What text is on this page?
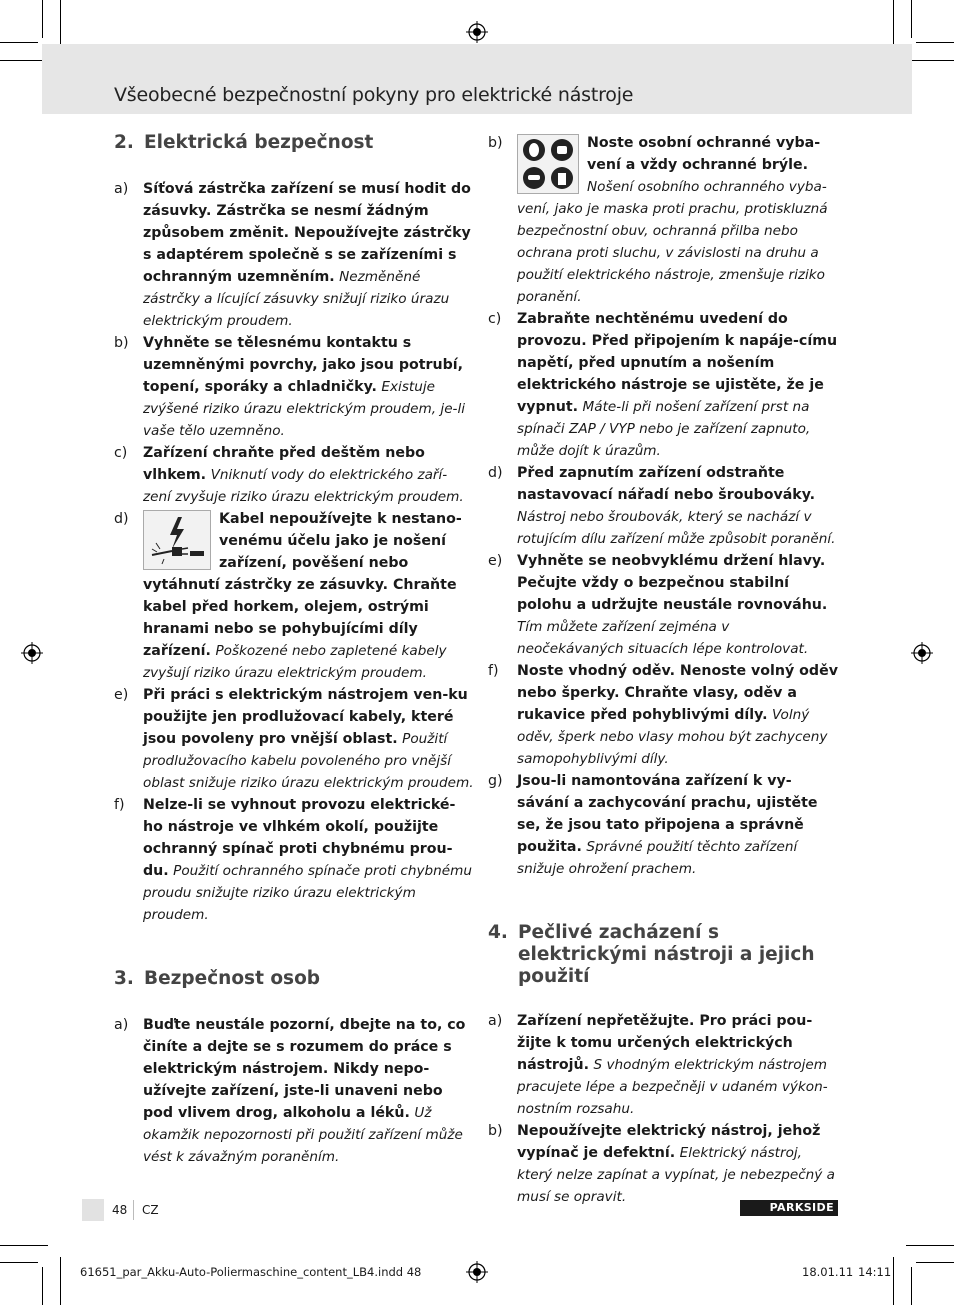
Všeobecné bezpečnostní pokyny pro elektrické nástroje
2. Elektrická bezpečnost
a)	Síťová zástrčka zařízení se musí hodit do zásuvky. Zástrčka se nesmí žádným způsobem změnit. Nepoužívejte zástrčky s adaptérem společně s se zařízeními s ochranným uzemněním. Nezměněné zástrčky a lícující zásuvky snižují riziko úrazu elektrickým proudem.
b)	Vyhněte se tělesnému kontaktu s uzemněnými povrchy, jako jsou potrubí, topení, sporáky a chladničky. Existuje zvýšené riziko úrazu elektrickým proudem, je-li vaše tělo uzemněno.
c)	Zařízení chraňte před deštěm nebo vlhkem. Vniknutí vody do elektrického zaří-zení zvyšuje riziko úrazu elektrickým proudem.
d)	Kabel nepoužívejte k nestano-venému účelu jako je nošení zařízení, pověšení nebo vytáhnutí zástrčky ze zásuvky. Chraňte kabel před horkem, olejem, ostrými hranami nebo se pohybujícími díly zařízení. Poškozené nebo zapletené kabely zvyšují riziko úrazu elektrickým proudem.
e)	Při práci s elektrickým nástrojem ven-ku použijte jen prodlužovací kabely, které jsou povoleny pro vnější oblast. Použití prodlužovacího kabelu povoleného pro vnější oblast snižuje riziko úrazu elektrickým proudem.
f)	Nelze-li se vyhnout provozu elektrické-ho nástroje ve vlhkém okolí, použijte ochranný spínač proti chybnému prou-du. Použití ochranného spínače proti chybnému proudu snižujte riziko úrazu elektrickým proudem.
3. Bezpečnost osob
a)	Buďte neustále pozorní, dbejte na to, co činíte a dejte se s rozumem do práce s elektrickým nástrojem. Nikdy nepo-užívejte zařízení, jste-li unaveni nebo pod vlivem drog, alkoholu a léků. Už okamžik nepozornosti při použití zařízení může vést k závažným poraněním.
b)	Noste osobní ochranné vyba-vení a vždy ochranné brýle. Nošení osobního ochranného vyba-vení, jako je maska proti prachu, protiskluzná bezpečnostní obuv, ochranná přilba nebo ochrana proti sluchu, v závislosti na druhu a použití elektrického nástroje, zmenšuje riziko poranění.
c)	Zabraňte nechtěnému uvedení do provozu. Před připojením k napáje-címu napětí, před upnutím a nošením elektrického nástroje se ujistěte, že je vypnut. Máte-li při nošení zařízení prst na spínači ZAP / VYP nebo je zařízení zapnuto, může dojít k úrazům.
d)	Před zapnutím zařízení odstraňte nastavovací nářadí nebo šroubováky. Nástroj nebo šroubovák, který se nachází v rotujícím dílu zařízení může způsobit poranění.
e)	Vyhněte se neobvyklému držení hlavy. Pečujte vždy o bezpečnou stabilní polohu a udržujte neustále rovnováhu. Tím můžete zařízení zejména v neočekávaných situacích lépe kontrolovat.
f)	Noste vhodný oděv. Nenoste volný oděv nebo šperky. Chraňte vlasy, oděv a rukavice před pohyblivými díly. Volný oděv, šperk nebo vlasy mohou být zachyceny samopohyblivými díly.
g)	Jsou-li namontována zařízení k vy-sávání a zachycování prachu, ujistěte se, že jsou tato připojena a správně použita. Správné použití těchto zařízení snižuje ohrožení prachem.
4. Pečlivé zacházení s elektrickými nástroji a jejich použití
a)	Zařízení nepřetěžujte. Pro práci pou-žijte k tomu určených elektrických nástrojů. S vhodným elektrickým nástrojem pracujete lépe a bezpečněji v udaném výkon-nostním rozsahu.
b)	Nepoužívejte elektrický nástroj, jehož vypínač je defektní. Elektrický nástroj, který nelze zapínat a vypínat, je nebezpečný a musí se opravit.
48 CZ	PARKSIDE
61651_par_Akku-Auto-Poliermaschine_content_LB4.indd 48	18.01.11 14:11
